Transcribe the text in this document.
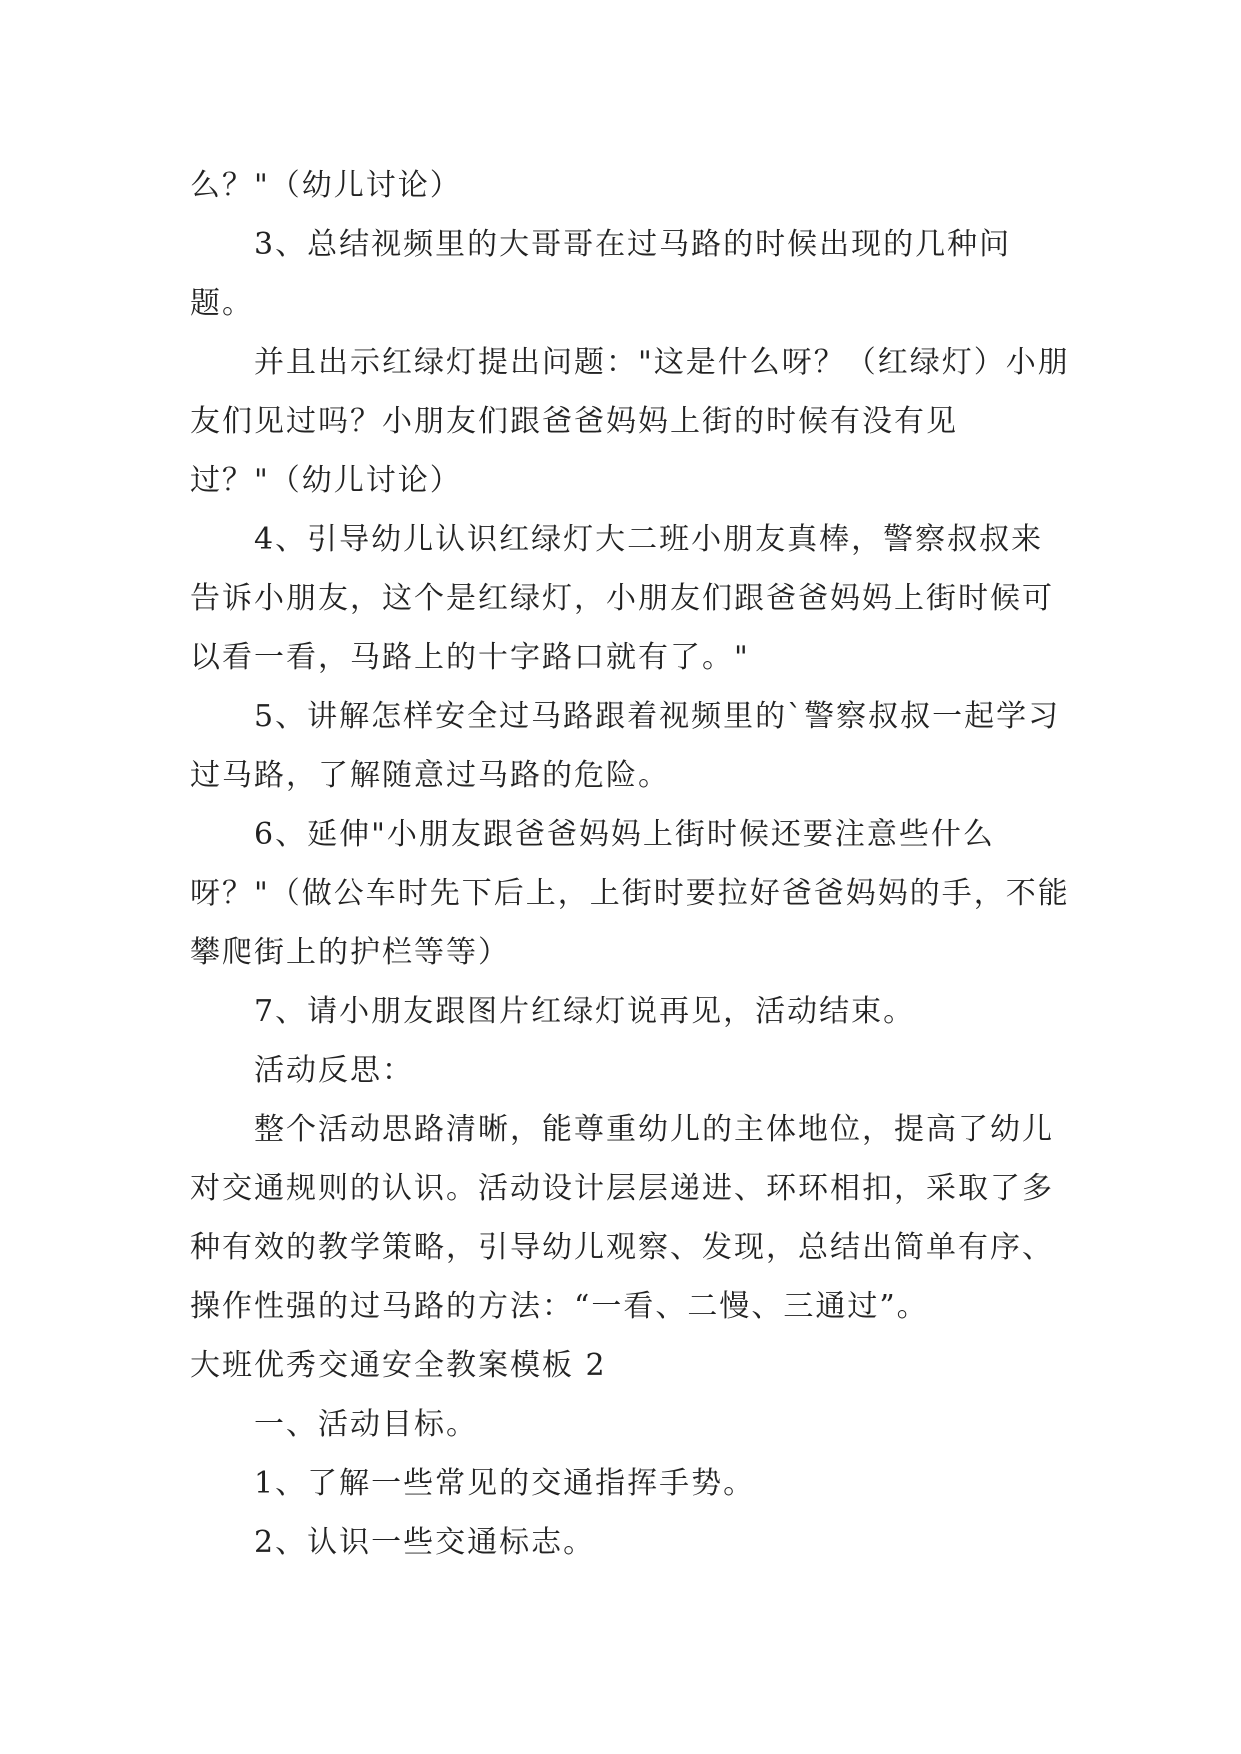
么？"（幼儿讨论）

3、总结视频里的大哥哥在过马路的时候出现的几种问题。

并且出示红绿灯提出问题："这是什么呀？（红绿灯）小朋友们见过吗？小朋友们跟爸爸妈妈上街的时候有没有见过？"（幼儿讨论）

4、引导幼儿认识红绿灯大二班小朋友真棒，警察叔叔来告诉小朋友，这个是红绿灯，小朋友们跟爸爸妈妈上街时候可以看一看，马路上的十字路口就有了。"

5、讲解怎样安全过马路跟着视频里的`警察叔叔一起学习过马路，了解随意过马路的危险。

6、延伸"小朋友跟爸爸妈妈上街时候还要注意些什么呀？"（做公车时先下后上，上街时要拉好爸爸妈妈的手，不能攀爬街上的护栏等等）

7、请小朋友跟图片红绿灯说再见，活动结束。

活动反思：

整个活动思路清晰，能尊重幼儿的主体地位，提高了幼儿对交通规则的认识。活动设计层层递进、环环相扣，采取了多种有效的教学策略，引导幼儿观察、发现，总结出简单有序、操作性强的过马路的方法：“一看、二慢、三通过”。

大班优秀交通安全教案模板 2

一、活动目标。

1、了解一些常见的交通指挥手势。

2、认识一些交通标志。
